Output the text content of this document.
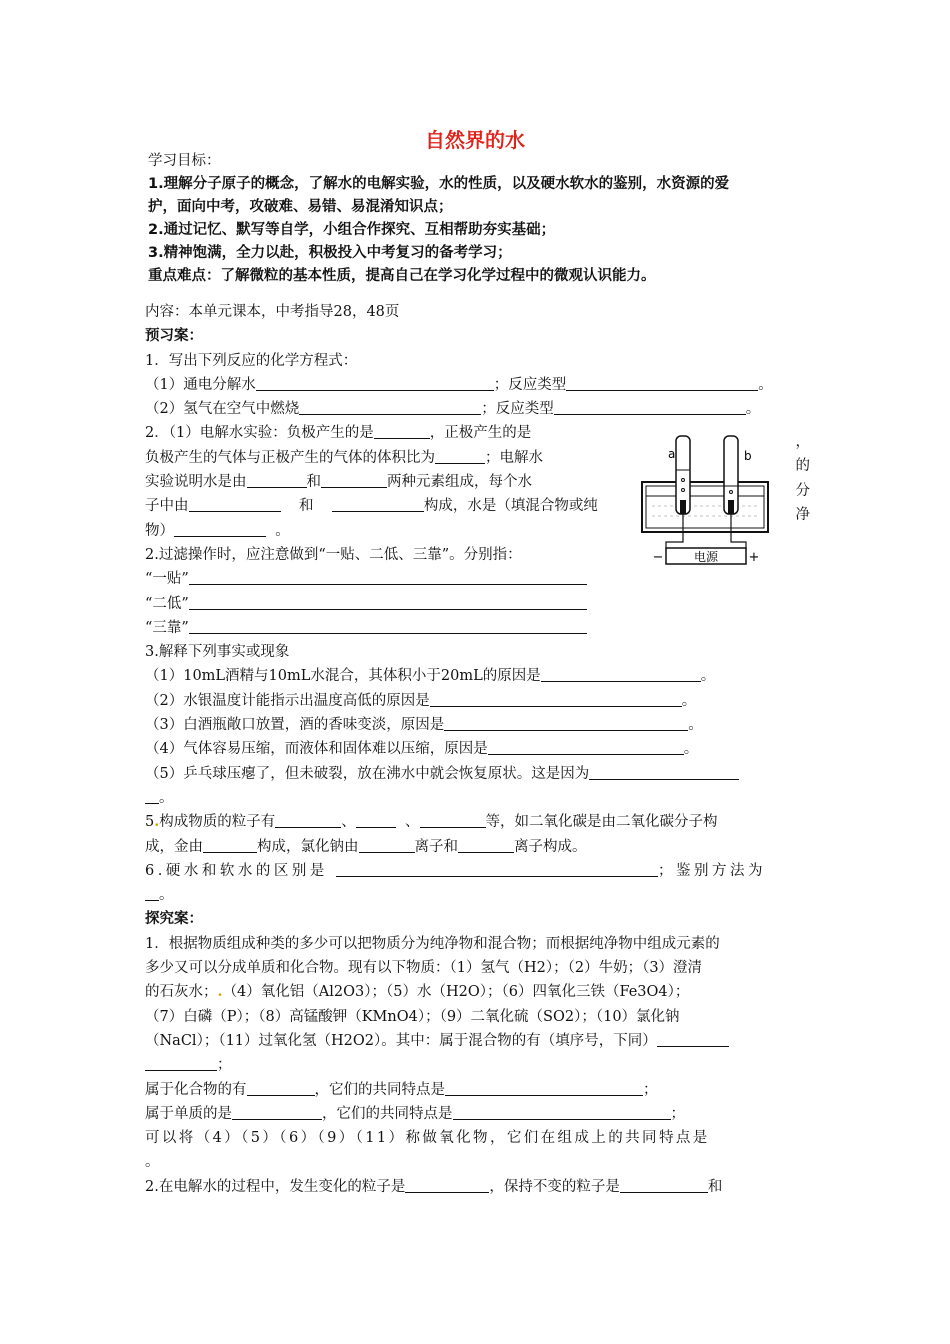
自然界的水
学习目标：
1.理解分子原子的概念，了解水的电解实验，水的性质，以及硬水软水的鉴别，水资源的爱
护，面向中考，攻破难、易错、易混淆知识点；
2.通过记忆、默写等自学，小组合作探究、互相帮助夯实基础；
3.精神饱满，全力以赴，积极投入中考复习的备考学习；
重点难点：了解微粒的基本性质，提高自己在学习化学过程中的微观认识能力。
内容：本单元课本，中考指导28，48页
预习案：
1．写出下列反应的化学方程式：
（1）通电分解水	；反应类型	。
（2）氢气在空气中燃烧	；反应类型	。
2．（1）电解水实验：负极产生的是	，正极产生的是
负极产生的气体与正极产生的气体的体积比为	；电解水
实验说明水是由	和	两种元素组成，每个水
子中由	和	构成，水是（填混合物或纯
物）	。
2.过滤操作时，应注意做到“一贴、二低、三靠”。分别指：
“一贴”
“二低”
“三靠”
3.解释下列事实或现象
（1）10mL酒精与10mL水混合，其体积小于20mL的原因是	。
（2）水银温度计能指示出温度高低的原因是	。
（3）白酒瓶敞口放置，酒的香味变淡，原因是	。
（4）气体容易压缩，而液体和固体难以压缩，原因是	。
（5）乒乓球压瘪了，但未破裂，放在沸水中就会恢复原状。这是因为
。
5.构成物质的粒子有	、	、	等，如二氧化碳是由二氧化碳分子构
成，金由	构成，氯化钠由	离子和	离子构成。
6.硬水和软水的区别是	；鉴别方法为
。
探究案：
1．根据物质组成种类的多少可以把物质分为纯净物和混合物；而根据纯净物中组成元素的
多少又可以分成单质和化合物。现有以下物质：（1）氢气（H2）；（2）牛奶；（3）澄清
的石灰水；.（4）氧化铝（Al2O3）；（5）水（H2O）；（6）四氧化三铁（Fe3O4）；
（7）白磷（P）；（8）高锰酸钾（KMnO4）；（9）二氧化硫（SO2）；（10）氯化钠
（NaCl）；（11）过氧化氢（H2O2）。其中：属于混合物的有（填序号，下同）
；
属于化合物的有	，它们的共同特点是	；
属于单质的是	，它们的共同特点是	；
可以将（4）（5）（6）（9）（11）称做氧化物，它们在组成上的共同特点是
。
2.在电解水的过程中，发生变化的粒子是	，保持不变的粒子是	和
，
的
分
净
电源
−	+
a	b
